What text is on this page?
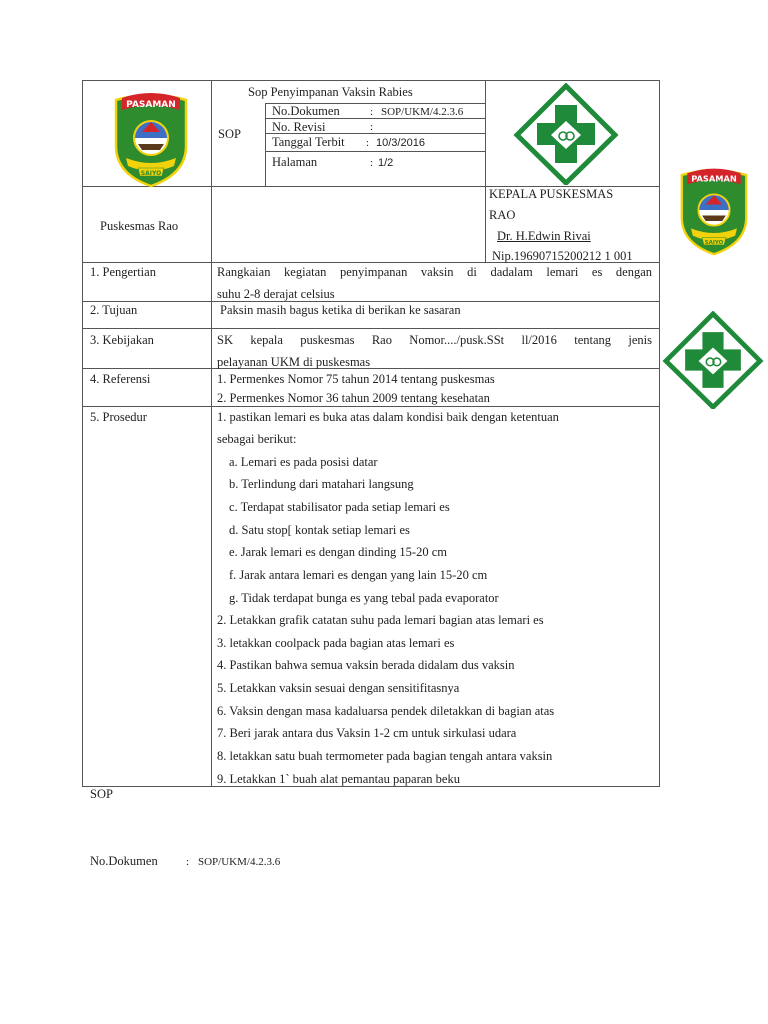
PASAMAN
SAIYO
Sop Penyimpanan Vaksin Rabies
SOP
No.Dokumen	: SOP/UKM/4.2.3.6
No. Revisi	:
Tanggal Terbit : 10/3/2016
Halaman	: 1/2
Puskesmas Rao
KEPALA PUSKESMAS
RAO
Dr. H.Edwin Rivai
Nip.19690715200212 1 001
PASAMAN
SAIYO
1. Pengertian	Rangkaian kegiatan penyimpanan vaksin di dadalam lemari es dengan
suhu 2-8 derajat celsius
2. Tujuan	Paksin masih bagus ketika di berikan ke sasaran
3. Kebijakan	SK kepala puskesmas Rao Nomor..../pusk.SSt ll/2016 tentang jenis
pelayanan UKM di puskesmas
4. Referensi	1. Permenkes Nomor 75 tahun 2014 tentang puskesmas
2. Permenkes Nomor 36 tahun 2009 tentang kesehatan
5. Prosedur	1. pastikan lemari es buka atas dalam kondisi baik dengan ketentuan
sebagai berikut:
a. Lemari es pada posisi datar
b. Terlindung dari matahari langsung
c. Terdapat stabilisator pada setiap lemari es
d. Satu stop[ kontak setiap lemari es
e. Jarak lemari es dengan dinding 15-20 cm
f. Jarak antara lemari es dengan yang lain 15-20 cm
g. Tidak terdapat bunga es yang tebal pada evaporator
2. Letakkan grafik catatan suhu pada lemari bagian atas lemari es
3. letakkan coolpack pada bagian atas lemari es
4. Pastikan bahwa semua vaksin berada didalam dus vaksin
5. Letakkan vaksin sesuai dengan sensitifitasnya
6. Vaksin dengan masa kadaluarsa pendek diletakkan di bagian atas
7. Beri jarak antara dus Vaksin 1-2 cm untuk sirkulasi udara
8. letakkan satu buah termometer pada bagian tengah antara vaksin
9. Letakkan 1` buah alat pemantau paparan beku
SOP
No.Dokumen	: SOP/UKM/4.2.3.6
